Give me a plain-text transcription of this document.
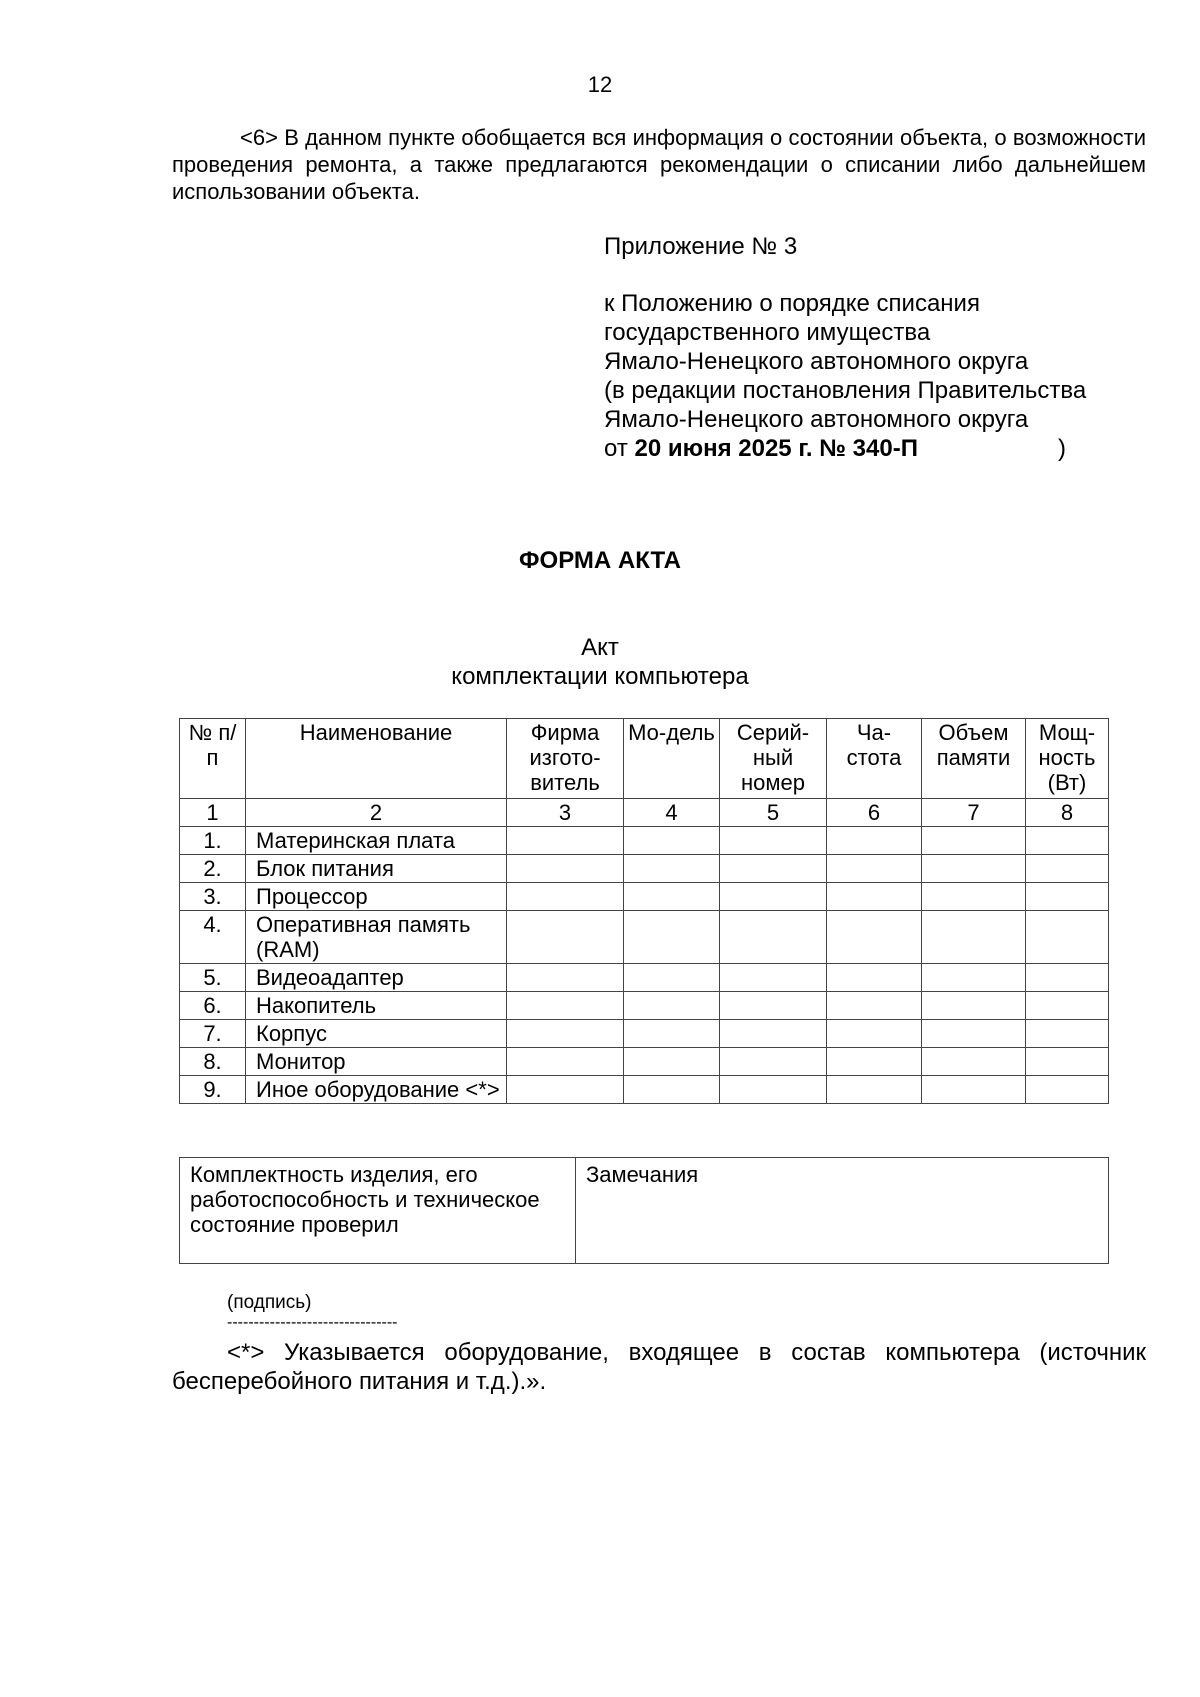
12

<6> В данном пункте обобщается вся информация о состоянии объекта, о возможности проведения ремонта, а также предлагаются рекомендации о списании либо дальнейшем использовании объекта.

Приложение № 3
к Положению о порядке списания
государственного имущества
Ямало-Ненецкого автономного округа
(в редакции постановления Правительства
Ямало-Ненецкого автономного округа
от 20 июня 2025 г. № 340-П	)
ФОРМА АКТА
Акт
комплектации компьютера
№ п/п	Наименование	Фирма изгото-витель	Мо-дель	Серий-ный номер	Ча-стота	Объем памяти	Мощ-ность (Вт)
1	2	3	4	5	6	7	8
1.	Материнская плата						
2.	Блок питания						
3.	Процессор						
4.	Оперативная память (RAM)						
5.	Видеоадаптер						
6.	Накопитель						
7.	Корпус						
8.	Монитор						
9.	Иное оборудование <*>						
Комплектность изделия, его работоспособность и техническое состояние проверил	Замечания
(подпись)
--------------------------------

<*> Указывается оборудование, входящее в состав компьютера (источник бесперебойного питания и т.д.).».
